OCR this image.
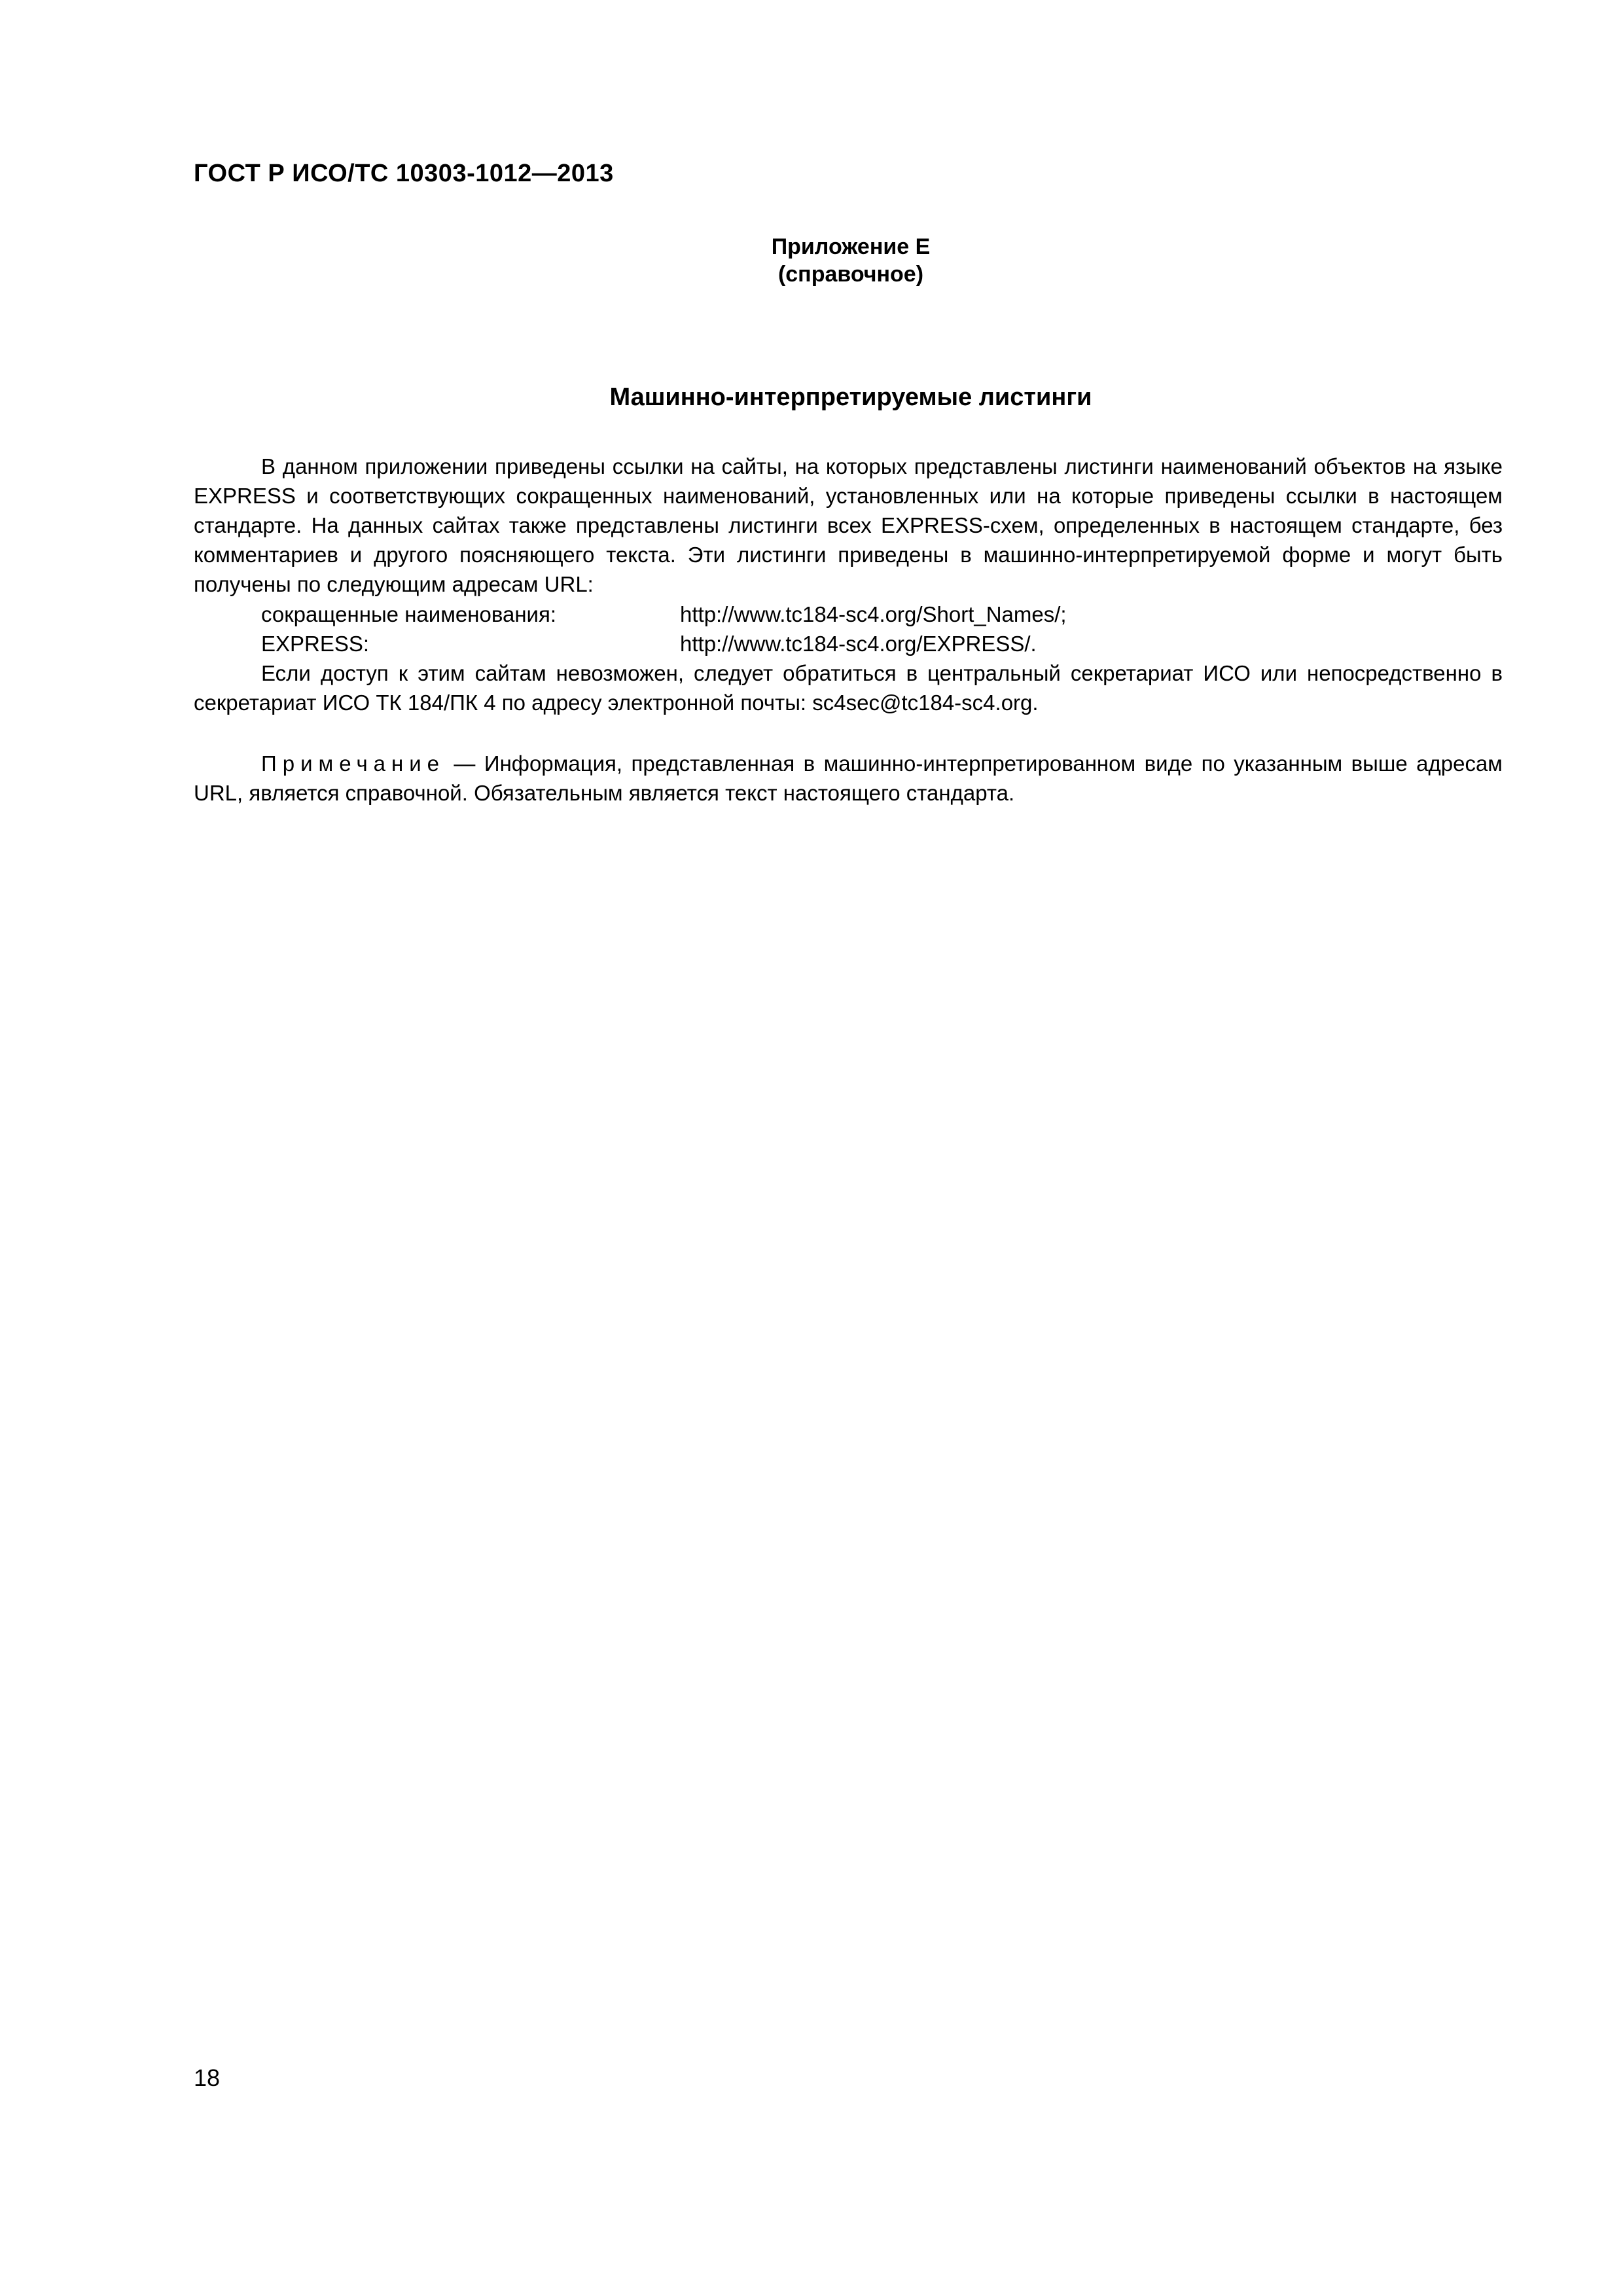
ГОСТ Р ИСО/ТС 10303-1012—2013
Приложение Е
(справочное)
Машинно-интерпретируемые листинги

В данном приложении приведены ссылки на сайты, на которых представлены листинги наименований объектов на языке EXPRESS и соответствующих сокращенных наименований, установленных или на которые приведены ссылки в настоящем стандарте. На данных сайтах также представлены листинги всех EXPRESS-схем, определенных в настоящем стандарте, без комментариев и другого поясняющего текста. Эти листинги приведены в машинно-интерпретируемой форме и могут быть получены по следующим адресам URL:

сокращенные наименования:	http://www.tc184-sc4.org/Short_Names/;
EXPRESS:	http://www.tc184-sc4.org/EXPRESS/.

Если доступ к этим сайтам невозможен, следует обратиться в центральный секретариат ИСО или непосредственно в секретариат ИСО ТК 184/ПК 4 по адресу электронной почты: sc4sec@tc184-sc4.org.

Примечание — Информация, представленная в машинно-интерпретированном виде по указанным выше адресам URL, является справочной. Обязательным является текст настоящего стандарта.

18
